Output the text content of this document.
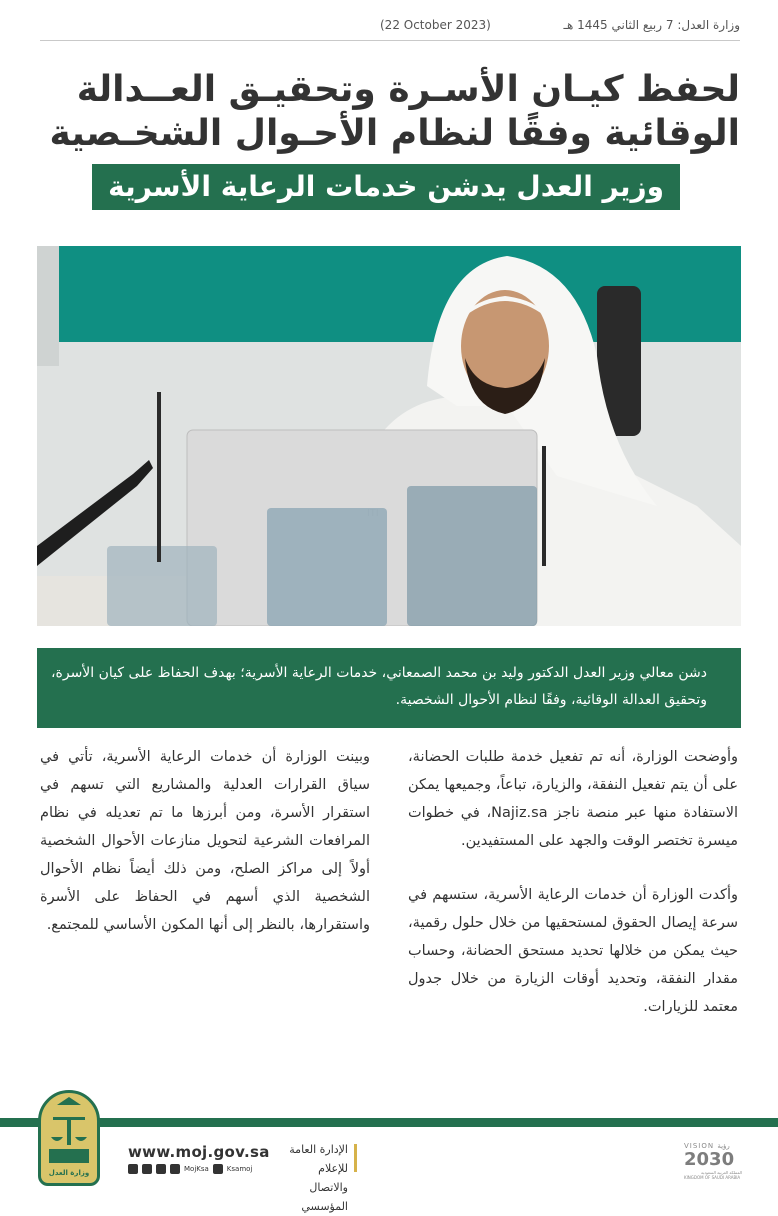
وزارة العدل: 7 ربيع الثاني 1445 هـ
(22 October 2023)
لحفظ كيـان الأسـرة وتحقيـق العــدالة
الوقائية وفقًا لنظام الأحـوال الشخـصية
وزير العدل يدشن خدمات الرعاية الأسرية
دشن معالي وزير العدل الدكتور وليد بن محمد الصمعاني، خدمات الرعاية الأسرية؛ بهدف الحفاظ على كيان الأسرة، وتحقيق العدالة الوقائية، وفقًا لنظام الأحوال الشخصية.

وأوضحت الوزارة، أنه تم تفعيل خدمة طلبات الحضانة، على أن يتم تفعيل النفقة، والزيارة، تباعاً، وجميعها يمكن الاستفادة منها عبر منصة ناجز Najiz.sa، في خطوات ميسرة تختصر الوقت والجهد على المستفيدين.

وأكدت الوزارة أن خدمات الرعاية الأسرية، ستسهم في سرعة إيصال الحقوق لمستحقيها من خلال حلول رقمية، حيث يمكن من خلالها تحديد مستحق الحضانة، وحساب مقدار النفقة، وتحديد أوقات الزيارة من خلال جدول معتمد للزيارات.

وبينت الوزارة أن خدمات الرعاية الأسرية، تأتي في سياق القرارات العدلية والمشاريع التي تسهم في استقرار الأسرة، ومن أبرزها ما تم تعديله في نظام المرافعات الشرعية لتحويل منازعات الأحوال الشخصية أولاً إلى مراكز الصلح، ومن ذلك أيضاً نظام الأحوال الشخصية الذي أسهم في الحفاظ على الأسرة واستقرارها، بالنظر إلى أنها المكون الأساسي للمجتمع.

وزارة العدل
www.moj.gov.sa
MojKsa	Ksamoj
الإدارة العامة للإعلام
والاتصال المؤسسي
VISION رؤية
2030
المملكة العربية السعودية
KINGDOM OF SAUDI ARABIA
